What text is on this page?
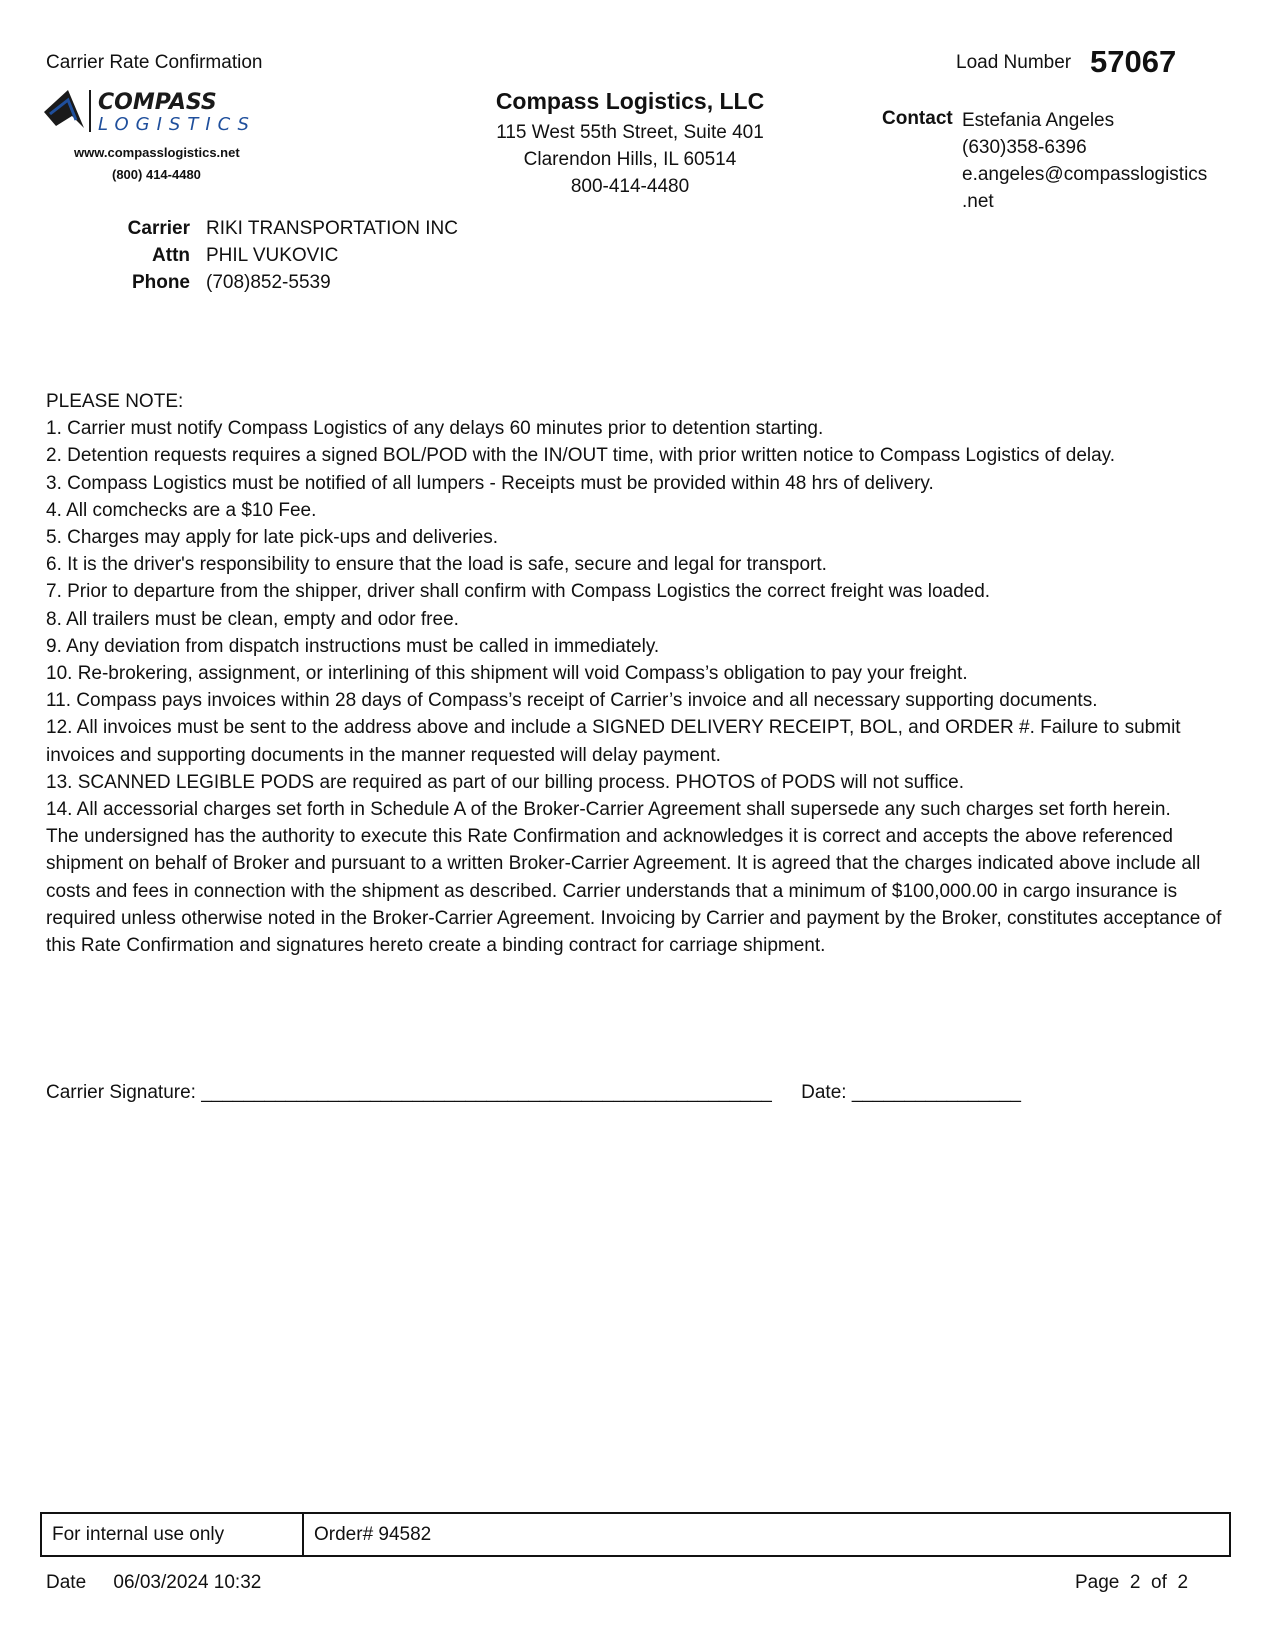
Carrier Rate Confirmation	Load Number 57067
COMPASS
LOGISTICS
www.compasslogistics.net
(800) 414-4480
Compass Logistics, LLC
115 West 55th Street, Suite 401
Clarendon Hills, IL 60514
800-414-4480
Contact Estefania Angeles
(630)358-6396
e.angeles@compasslogistics
.net
Carrier RIKI TRANSPORTATION INC
Attn PHIL VUKOVIC
Phone (708)852-5539

PLEASE NOTE:

1. Carrier must notify Compass Logistics of any delays 60 minutes prior to detention starting.

2. Detention requests requires a signed BOL/POD with the IN/OUT time, with prior written notice to Compass Logistics of delay.

3. Compass Logistics must be notified of all lumpers - Receipts must be provided within 48 hrs of delivery.

4. All comchecks are a $10 Fee.

5. Charges may apply for late pick-ups and deliveries.

6. It is the driver's responsibility to ensure that the load is safe, secure and legal for transport.

7. Prior to departure from the shipper, driver shall confirm with Compass Logistics the correct freight was loaded.

8. All trailers must be clean, empty and odor free.

9. Any deviation from dispatch instructions must be called in immediately.

10. Re-brokering, assignment, or interlining of this shipment will void Compass’s obligation to pay your freight.

11. Compass pays invoices within 28 days of Compass’s receipt of Carrier’s invoice and all necessary supporting documents.

12. All invoices must be sent to the address above and include a SIGNED DELIVERY RECEIPT, BOL, and ORDER #. Failure to submit invoices and supporting documents in the manner requested will delay payment.

13. SCANNED LEGIBLE PODS are required as part of our billing process. PHOTOS of PODS will not suffice.

14. All accessorial charges set forth in Schedule A of the Broker-Carrier Agreement shall supersede any such charges set forth herein.

The undersigned has the authority to execute this Rate Confirmation and acknowledges it is correct and accepts the above referenced shipment on behalf of Broker and pursuant to a written Broker-Carrier Agreement. It is agreed that the charges indicated above include all costs and fees in connection with the shipment as described. Carrier understands that a minimum of $100,000.00 in cargo insurance is required unless otherwise noted in the Broker-Carrier Agreement. Invoicing by Carrier and payment by the Broker, constitutes acceptance of this Rate Confirmation and signatures hereto create a binding contract for carriage shipment.

Carrier Signature: ______________________________________________________ Date: ________________
For internal use only	Order# 94582
Date 06/03/2024 10:32	Page  2  of  2
